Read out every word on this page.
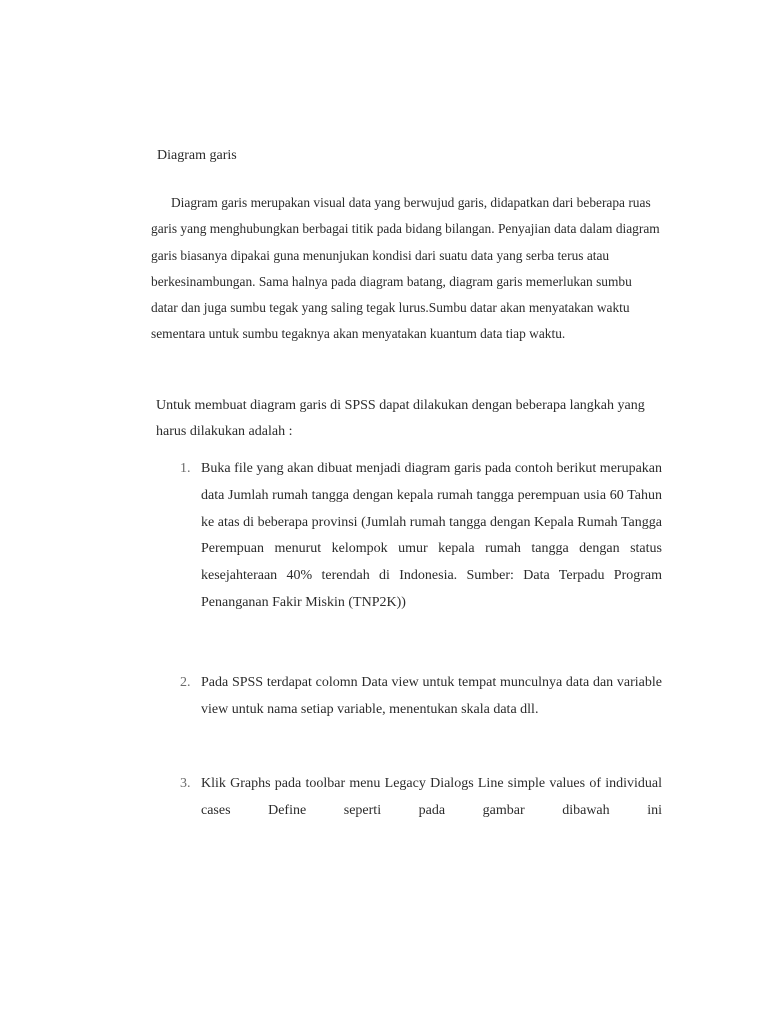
Diagram garis

Diagram garis merupakan visual data yang berwujud garis, didapatkan dari beberapa ruas garis yang menghubungkan berbagai titik pada bidang bilangan. Penyajian data dalam diagram garis biasanya dipakai guna menunjukan kondisi dari suatu data yang serba terus atau berkesinambungan. Sama halnya pada diagram batang, diagram garis memerlukan sumbu datar dan juga sumbu tegak yang saling tegak lurus.Sumbu datar akan menyatakan waktu sementara untuk sumbu tegaknya akan menyatakan kuantum data tiap waktu.

Untuk membuat diagram garis di SPSS dapat dilakukan dengan beberapa langkah yang harus dilakukan adalah :

1. Buka file yang akan dibuat menjadi diagram garis pada contoh berikut merupakan data Jumlah rumah tangga dengan kepala rumah tangga perempuan usia 60 Tahun ke atas di beberapa provinsi (Jumlah rumah tangga dengan Kepala Rumah Tangga Perempuan menurut kelompok umur kepala rumah tangga dengan status kesejahteraan 40% terendah di Indonesia. Sumber: Data Terpadu Program Penanganan Fakir Miskin (TNP2K))
2. Pada SPSS terdapat colomn Data view untuk tempat munculnya data dan variable view untuk nama setiap variable, menentukan skala data dll.
3. Klik Graphs pada toolbar menu Legacy Dialogs Line simple values of individual cases Define seperti pada gambar dibawah ini
